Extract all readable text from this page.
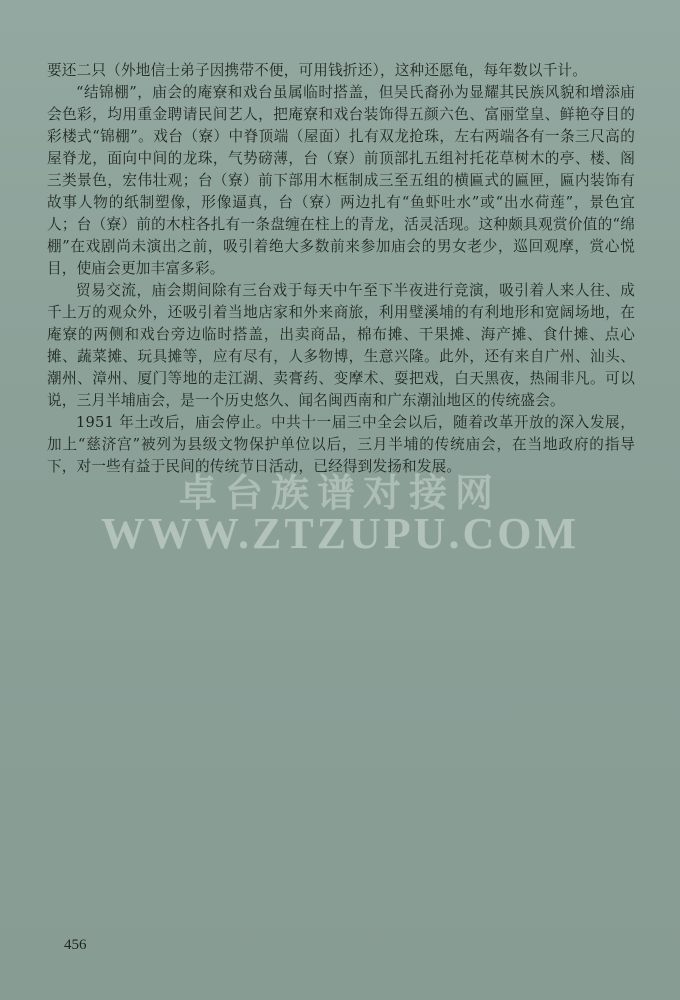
要还二只（外地信士弟子因携带不便，可用钱折还），这种还愿龟，每年数以千计。

“结锦棚”，庙会的庵寮和戏台虽属临时搭盖，但吴氏裔孙为显耀其民族风貌和增添庙会色彩，均用重金聘请民间艺人，把庵寮和戏台装饰得五颜六色、富丽堂皇、鲜艳夺目的彩楼式“锦棚”。戏台（寮）中脊顶端（屋面）扎有双龙抢珠，左右两端各有一条三尺高的屋脊龙，面向中间的龙珠，气势磅薄，台（寮）前顶部扎五组衬托花草树木的亭、楼、阁三类景色，宏伟壮观；台（寮）前下部用木框制成三至五组的横匾式的匾匣，匾内装饰有故事人物的纸制塑像，形像逼真，台（寮）两边扎有“鱼虾吐水”或“出水荷莲”，景色宜人；台（寮）前的木柱各扎有一条盘缠在柱上的青龙，活灵活现。这种颇具观赏价值的“绵棚”在戏剧尚未演出之前，吸引着绝大多数前来参加庙会的男女老少，巡回观摩，赏心悦目，使庙会更加丰富多彩。

贸易交流，庙会期间除有三台戏于每天中午至下半夜进行竞演，吸引着人来人往、成千上万的观众外，还吸引着当地店家和外来商旅，利用璧溪埔的有利地形和宽阔场地，在庵寮的两侧和戏台旁边临时搭盖，出卖商品，棉布摊、干果摊、海产摊、食什摊、点心摊、蔬菜摊、玩具摊等，应有尽有，人多物博，生意兴隆。此外，还有来自广州、汕头、潮州、漳州、厦门等地的走江湖、卖膏药、变摩术、耍把戏，白天黑夜，热闹非凡。可以说，三月半埔庙会，是一个历史悠久、闻名闽西南和广东潮汕地区的传统盛会。

1951 年土改后，庙会停止。中共十一届三中全会以后，随着改革开放的深入发展，加上“慈济宫”被列为县级文物保护单位以后，三月半埔的传统庙会，在当地政府的指导下，对一些有益于民间的传统节日活动，已经得到发扬和发展。

卓台族谱对接网
WWW.ZTZUPU.COM
456
